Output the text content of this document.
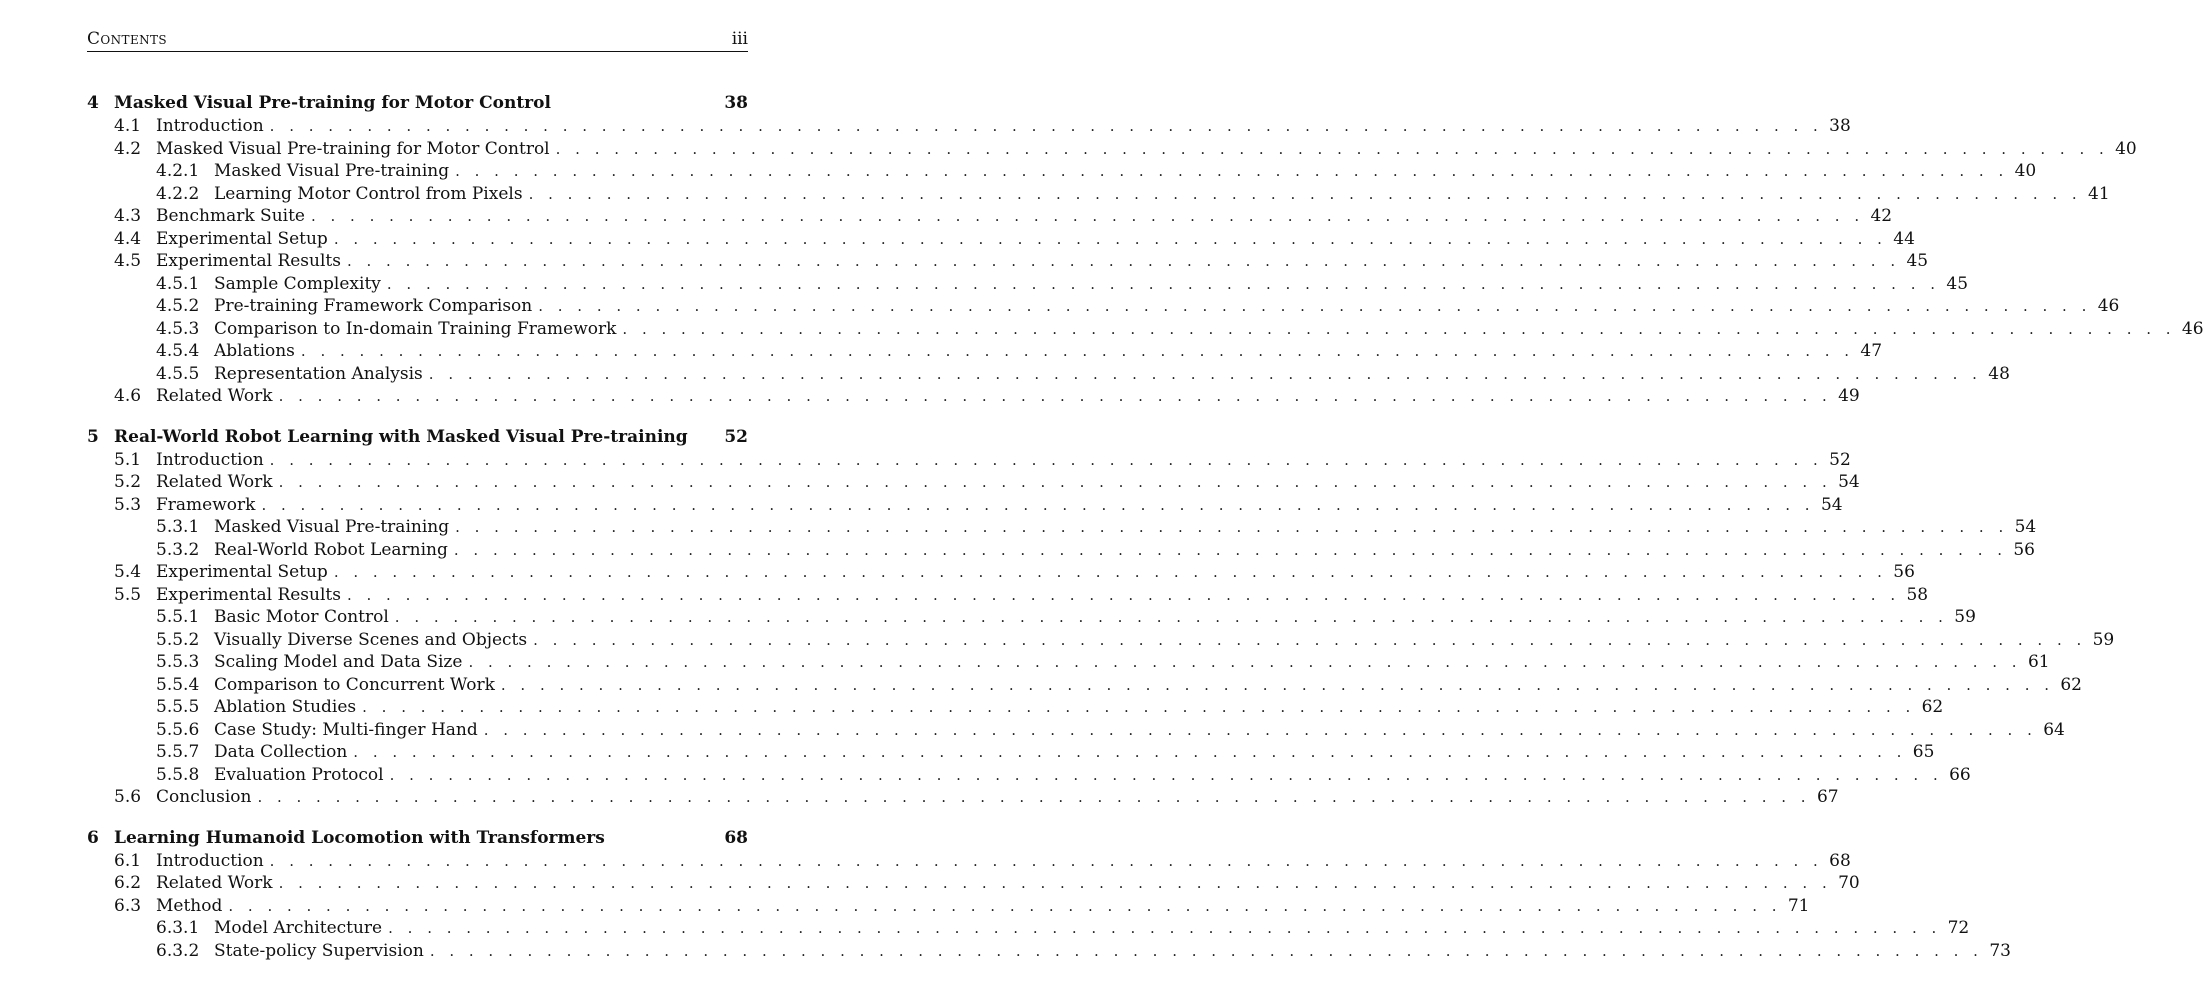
Contents	iii
4 Masked Visual Pre-training for Motor Control	38
4.1 Introduction . . . . . . . . . . . . . . . . . . . . . . . . . . . . . . . . . . . . . . . . . . . . . . . . . . . . . . . . . . . . . . . . . . . . . . . . . . . . . . . . 38
4.2 Masked Visual Pre-training for Motor Control . . . . . . . . . . . . . . . . . . . . . . . . . . . . . . . . . . . . . . . . . . . . . . . . . . . . . . . . . . . . . . . . . . . . . . . . . . . . . . . . 40
4.2.1 Masked Visual Pre-training . . . . . . . . . . . . . . . . . . . . . . . . . . . . . . . . . . . . . . . . . . . . . . . . . . . . . . . . . . . . . . . . . . . . . . . . . . . . . . . . 40
4.2.2 Learning Motor Control from Pixels . . . . . . . . . . . . . . . . . . . . . . . . . . . . . . . . . . . . . . . . . . . . . . . . . . . . . . . . . . . . . . . . . . . . . . . . . . . . . . . . 41
4.3 Benchmark Suite . . . . . . . . . . . . . . . . . . . . . . . . . . . . . . . . . . . . . . . . . . . . . . . . . . . . . . . . . . . . . . . . . . . . . . . . . . . . . . . . 42
4.4 Experimental Setup . . . . . . . . . . . . . . . . . . . . . . . . . . . . . . . . . . . . . . . . . . . . . . . . . . . . . . . . . . . . . . . . . . . . . . . . . . . . . . . . 44
4.5 Experimental Results . . . . . . . . . . . . . . . . . . . . . . . . . . . . . . . . . . . . . . . . . . . . . . . . . . . . . . . . . . . . . . . . . . . . . . . . . . . . . . . . 45
4.5.1 Sample Complexity . . . . . . . . . . . . . . . . . . . . . . . . . . . . . . . . . . . . . . . . . . . . . . . . . . . . . . . . . . . . . . . . . . . . . . . . . . . . . . . . 45
4.5.2 Pre-training Framework Comparison . . . . . . . . . . . . . . . . . . . . . . . . . . . . . . . . . . . . . . . . . . . . . . . . . . . . . . . . . . . . . . . . . . . . . . . . . . . . . . . . 46
4.5.3 Comparison to In-domain Training Framework . . . . . . . . . . . . . . . . . . . . . . . . . . . . . . . . . . . . . . . . . . . . . . . . . . . . . . . . . . . . . . . . . . . . . . . . . . . . . . . . 46
4.5.4 Ablations . . . . . . . . . . . . . . . . . . . . . . . . . . . . . . . . . . . . . . . . . . . . . . . . . . . . . . . . . . . . . . . . . . . . . . . . . . . . . . . . 47
4.5.5 Representation Analysis . . . . . . . . . . . . . . . . . . . . . . . . . . . . . . . . . . . . . . . . . . . . . . . . . . . . . . . . . . . . . . . . . . . . . . . . . . . . . . . . 48
4.6 Related Work . . . . . . . . . . . . . . . . . . . . . . . . . . . . . . . . . . . . . . . . . . . . . . . . . . . . . . . . . . . . . . . . . . . . . . . . . . . . . . . . 49
5 Real-World Robot Learning with Masked Visual Pre-training 52
5.1 Introduction . . . . . . . . . . . . . . . . . . . . . . . . . . . . . . . . . . . . . . . . . . . . . . . . . . . . . . . . . . . . . . . . . . . . . . . . . . . . . . . . 52
5.2 Related Work . . . . . . . . . . . . . . . . . . . . . . . . . . . . . . . . . . . . . . . . . . . . . . . . . . . . . . . . . . . . . . . . . . . . . . . . . . . . . . . . 54
5.3 Framework . . . . . . . . . . . . . . . . . . . . . . . . . . . . . . . . . . . . . . . . . . . . . . . . . . . . . . . . . . . . . . . . . . . . . . . . . . . . . . . . 54
5.3.1 Masked Visual Pre-training . . . . . . . . . . . . . . . . . . . . . . . . . . . . . . . . . . . . . . . . . . . . . . . . . . . . . . . . . . . . . . . . . . . . . . . . . . . . . . . . 54
5.3.2 Real-World Robot Learning . . . . . . . . . . . . . . . . . . . . . . . . . . . . . . . . . . . . . . . . . . . . . . . . . . . . . . . . . . . . . . . . . . . . . . . . . . . . . . . . 56
5.4 Experimental Setup . . . . . . . . . . . . . . . . . . . . . . . . . . . . . . . . . . . . . . . . . . . . . . . . . . . . . . . . . . . . . . . . . . . . . . . . . . . . . . . . 56
5.5 Experimental Results . . . . . . . . . . . . . . . . . . . . . . . . . . . . . . . . . . . . . . . . . . . . . . . . . . . . . . . . . . . . . . . . . . . . . . . . . . . . . . . . 58
5.5.1 Basic Motor Control . . . . . . . . . . . . . . . . . . . . . . . . . . . . . . . . . . . . . . . . . . . . . . . . . . . . . . . . . . . . . . . . . . . . . . . . . . . . . . . . 59
5.5.2 Visually Diverse Scenes and Objects . . . . . . . . . . . . . . . . . . . . . . . . . . . . . . . . . . . . . . . . . . . . . . . . . . . . . . . . . . . . . . . . . . . . . . . . . . . . . . . . 59
5.5.3 Scaling Model and Data Size . . . . . . . . . . . . . . . . . . . . . . . . . . . . . . . . . . . . . . . . . . . . . . . . . . . . . . . . . . . . . . . . . . . . . . . . . . . . . . . . 61
5.5.4 Comparison to Concurrent Work . . . . . . . . . . . . . . . . . . . . . . . . . . . . . . . . . . . . . . . . . . . . . . . . . . . . . . . . . . . . . . . . . . . . . . . . . . . . . . . . 62
5.5.5 Ablation Studies . . . . . . . . . . . . . . . . . . . . . . . . . . . . . . . . . . . . . . . . . . . . . . . . . . . . . . . . . . . . . . . . . . . . . . . . . . . . . . . . 62
5.5.6 Case Study: Multi-finger Hand . . . . . . . . . . . . . . . . . . . . . . . . . . . . . . . . . . . . . . . . . . . . . . . . . . . . . . . . . . . . . . . . . . . . . . . . . . . . . . . . 64
5.5.7 Data Collection . . . . . . . . . . . . . . . . . . . . . . . . . . . . . . . . . . . . . . . . . . . . . . . . . . . . . . . . . . . . . . . . . . . . . . . . . . . . . . . . 65
5.5.8 Evaluation Protocol . . . . . . . . . . . . . . . . . . . . . . . . . . . . . . . . . . . . . . . . . . . . . . . . . . . . . . . . . . . . . . . . . . . . . . . . . . . . . . . . 66
5.6 Conclusion . . . . . . . . . . . . . . . . . . . . . . . . . . . . . . . . . . . . . . . . . . . . . . . . . . . . . . . . . . . . . . . . . . . . . . . . . . . . . . . . 67
6 Learning Humanoid Locomotion with Transformers	68
6.1 Introduction . . . . . . . . . . . . . . . . . . . . . . . . . . . . . . . . . . . . . . . . . . . . . . . . . . . . . . . . . . . . . . . . . . . . . . . . . . . . . . . . 68
6.2 Related Work . . . . . . . . . . . . . . . . . . . . . . . . . . . . . . . . . . . . . . . . . . . . . . . . . . . . . . . . . . . . . . . . . . . . . . . . . . . . . . . . 70
6.3 Method . . . . . . . . . . . . . . . . . . . . . . . . . . . . . . . . . . . . . . . . . . . . . . . . . . . . . . . . . . . . . . . . . . . . . . . . . . . . . . . . 71
6.3.1 Model Architecture . . . . . . . . . . . . . . . . . . . . . . . . . . . . . . . . . . . . . . . . . . . . . . . . . . . . . . . . . . . . . . . . . . . . . . . . . . . . . . . . 72
6.3.2 State-policy Supervision . . . . . . . . . . . . . . . . . . . . . . . . . . . . . . . . . . . . . . . . . . . . . . . . . . . . . . . . . . . . . . . . . . . . . . . . . . . . . . . . 73
